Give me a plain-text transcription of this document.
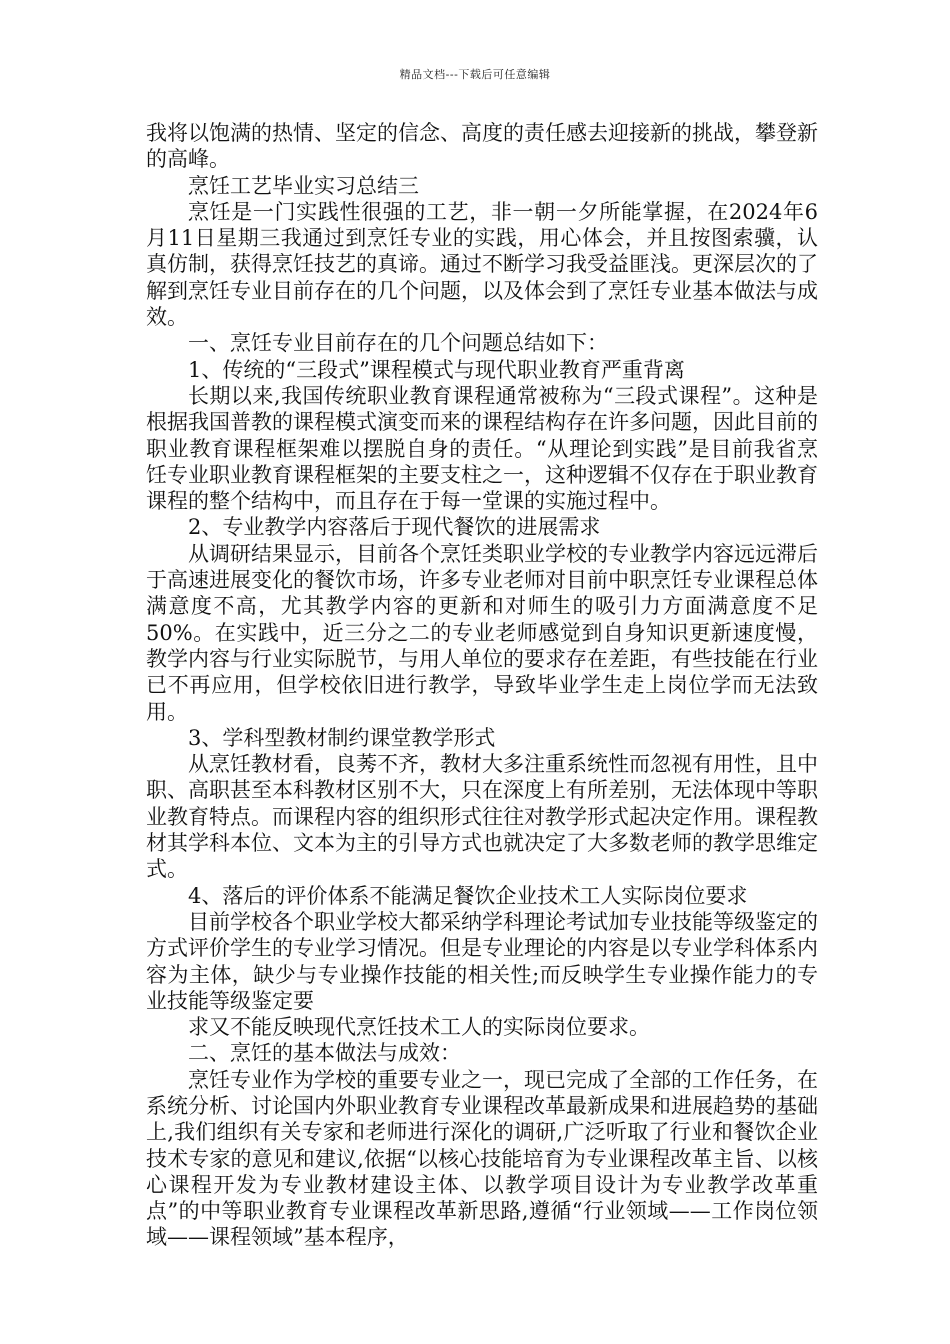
精品文档---下载后可任意编辑

我将以饱满的热情、坚定的信念、高度的责任感去迎接新的挑战，攀登新的高峰。

烹饪工艺毕业实习总结三

烹饪是一门实践性很强的工艺，非一朝一夕所能掌握，在2024年6月11日星期三我通过到烹饪专业的实践，用心体会，并且按图索骥，认真仿制，获得烹饪技艺的真谛。通过不断学习我受益匪浅。更深层次的了解到烹饪专业目前存在的几个问题，以及体会到了烹饪专业基本做法与成效。

一、烹饪专业目前存在的几个问题总结如下：

1、传统的“三段式”课程模式与现代职业教育严重背离

长期以来,我国传统职业教育课程通常被称为“三段式课程”。这种是根据我国普教的课程模式演变而来的课程结构存在许多问题，因此目前的职业教育课程框架难以摆脱自身的责任。“从理论到实践”是目前我省烹饪专业职业教育课程框架的主要支柱之一，这种逻辑不仅存在于职业教育课程的整个结构中，而且存在于每一堂课的实施过程中。

2、专业教学内容落后于现代餐饮的进展需求

从调研结果显示，目前各个烹饪类职业学校的专业教学内容远远滞后于高速进展变化的餐饮市场，许多专业老师对目前中职烹饪专业课程总体满意度不高，尤其教学内容的更新和对师生的吸引力方面满意度不足50%。在实践中，近三分之二的专业老师感觉到自身知识更新速度慢，教学内容与行业实际脱节，与用人单位的要求存在差距，有些技能在行业已不再应用，但学校依旧进行教学，导致毕业学生走上岗位学而无法致用。

3、学科型教材制约课堂教学形式

从烹饪教材看，良莠不齐，教材大多注重系统性而忽视有用性，且中职、高职甚至本科教材区别不大，只在深度上有所差别，无法体现中等职业教育特点。而课程内容的组织形式往往对教学形式起决定作用。课程教材其学科本位、文本为主的引导方式也就决定了大多数老师的教学思维定式。

4、落后的评价体系不能满足餐饮企业技术工人实际岗位要求

目前学校各个职业学校大都采纳学科理论考试加专业技能等级鉴定的方式评价学生的专业学习情况。但是专业理论的内容是以专业学科体系内容为主体，缺少与专业操作技能的相关性;而反映学生专业操作能力的专业技能等级鉴定要

求又不能反映现代烹饪技术工人的实际岗位要求。

二、烹饪的基本做法与成效：

烹饪专业作为学校的重要专业之一，现已完成了全部的工作任务，在系统分析、讨论国内外职业教育专业课程改革最新成果和进展趋势的基础上,我们组织有关专家和老师进行深化的调研,广泛听取了行业和餐饮企业技术专家的意见和建议,依据“以核心技能培育为专业课程改革主旨、以核心课程开发为专业教材建设主体、以教学项目设计为专业教学改革重点”的中等职业教育专业课程改革新思路,遵循“行业领域——工作岗位领域——课程领域”基本程序，
